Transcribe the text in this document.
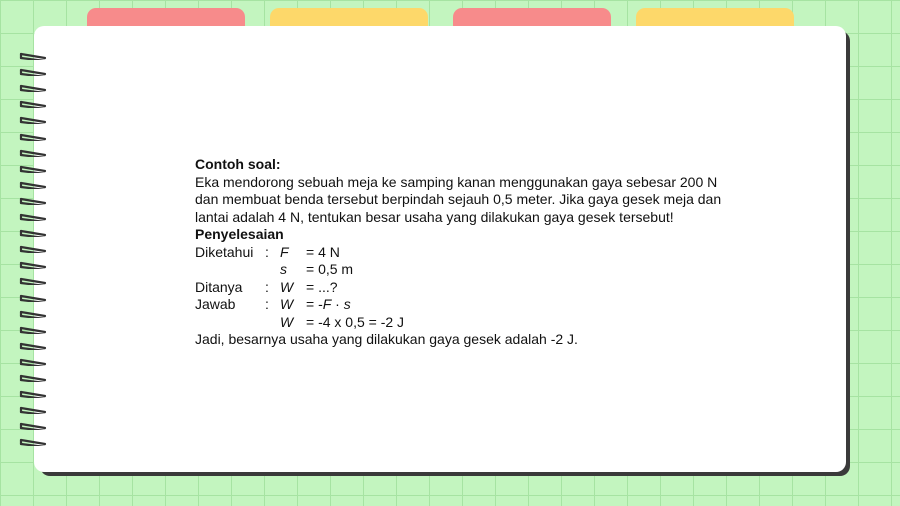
Contoh soal:
Eka mendorong sebuah meja ke samping kanan menggunakan gaya sebesar 200 N dan membuat benda tersebut berpindah sejauh 0,5 meter. Jika gaya gesek meja dan lantai adalah 4 N, tentukan besar usaha yang dilakukan gaya gesek tersebut!
Penyelesaian
Diketahui : F = 4 N
s = 0,5 m
Ditanya : W = ...?
Jawab : W = -F · s
W = -4 x 0,5 = -2 J
Jadi, besarnya usaha yang dilakukan gaya gesek adalah -2 J.
